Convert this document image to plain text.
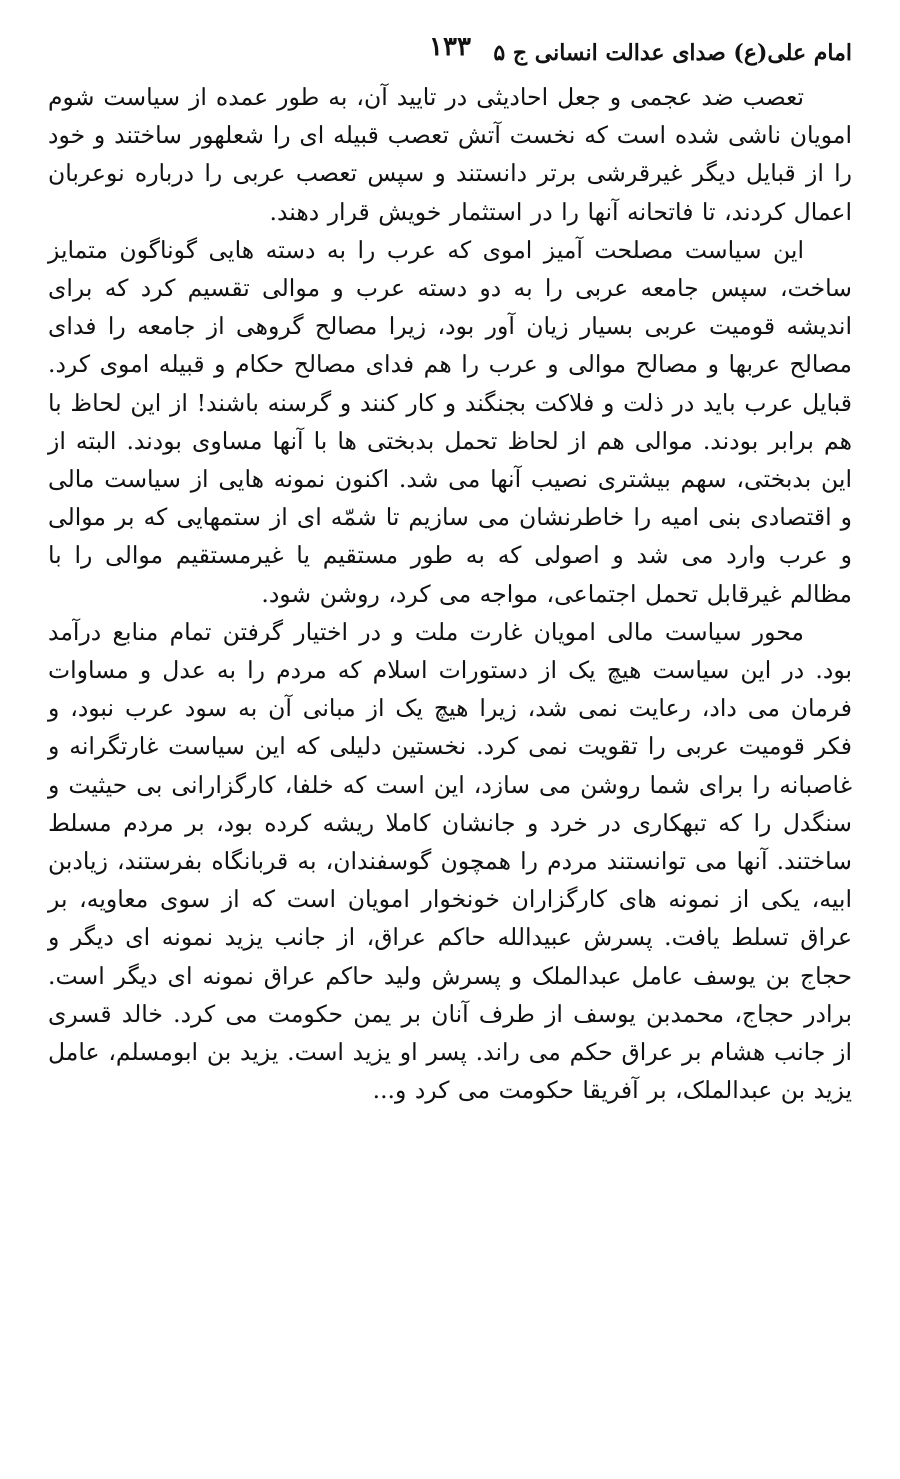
امام علی(ع) صدای عدالت انسانی ج ۵
۱۳۳

تعصب ضد عجمی و جعل احادیثی در تایید آن، به طور عمده از سیاست شوم امویان ناشی شده است که نخست آتش تعصب قبیله ای را شعلهور ساختند و خود را از قبایل دیگر غیرقرشی برتر دانستند و سپس تعصب عربی را درباره نوعربان اعمال کردند، تا فاتحانه آنها را در استثمار خویش قرار دهند.

این سیاست مصلحت آمیز اموی که عرب را به دسته هایی گوناگون متمایز ساخت، سپس جامعه عربی را به دو دسته عرب و موالی تقسیم کرد که برای اندیشه قومیت عربی بسیار زیان آور بود، زیرا مصالح گروهی از جامعه را فدای مصالح عربها و مصالح موالی و عرب را هم فدای مصالح حکام و قبیله اموی کرد. قبایل عرب باید در ذلت و فلاکت بجنگند و کار کنند و گرسنه باشند! از این لحاظ با هم برابر بودند. موالی هم از لحاظ تحمل بدبختی ها با آنها مساوی بودند. البته از این بدبختی، سهم بیشتری نصیب آنها می شد. اکنون نمونه هایی از سیاست مالی و اقتصادی بنی امیه را خاطرنشان می سازیم تا شمّه ای از ستمهایی که بر موالی و عرب وارد می شد و اصولی که به طور مستقیم یا غیرمستقیم موالی را با مظالم غیرقابل تحمل اجتماعی، مواجه می کرد، روشن شود.

محور سیاست مالی امویان غارت ملت و در اختیار گرفتن تمام منابع درآمد بود. در این سیاست هیچ یک از دستورات اسلام که مردم را به عدل و مساوات فرمان می داد، رعایت نمی شد، زیرا هیچ یک از مبانی آن به سود عرب نبود، و فکر قومیت عربی را تقویت نمی کرد. نخستین دلیلی که این سیاست غارتگرانه و غاصبانه را برای شما روشن می سازد، این است که خلفا، کارگزارانی بی حیثیت و سنگدل را که تبهکاری در خرد و جانشان کاملا ریشه کرده بود، بر مردم مسلط ساختند. آنها می توانستند مردم را همچون گوسفندان، به قربانگاه بفرستند، زیادبن ابیه، یکی از نمونه های کارگزاران خونخوار امویان است که از سوی معاویه، بر عراق تسلط یافت. پسرش عبیدالله حاکم عراق، از جانب یزید نمونه ای دیگر و حجاج بن یوسف عامل عبدالملک و پسرش ولید حاکم عراق نمونه ای دیگر است. برادر حجاج، محمدبن یوسف از طرف آنان بر یمن حکومت می کرد. خالد قسری از جانب هشام بر عراق حکم می راند. پسر او یزید است. یزید بن ابومسلم، عامل یزید بن عبدالملک، بر آفریقا حکومت می کرد و...
